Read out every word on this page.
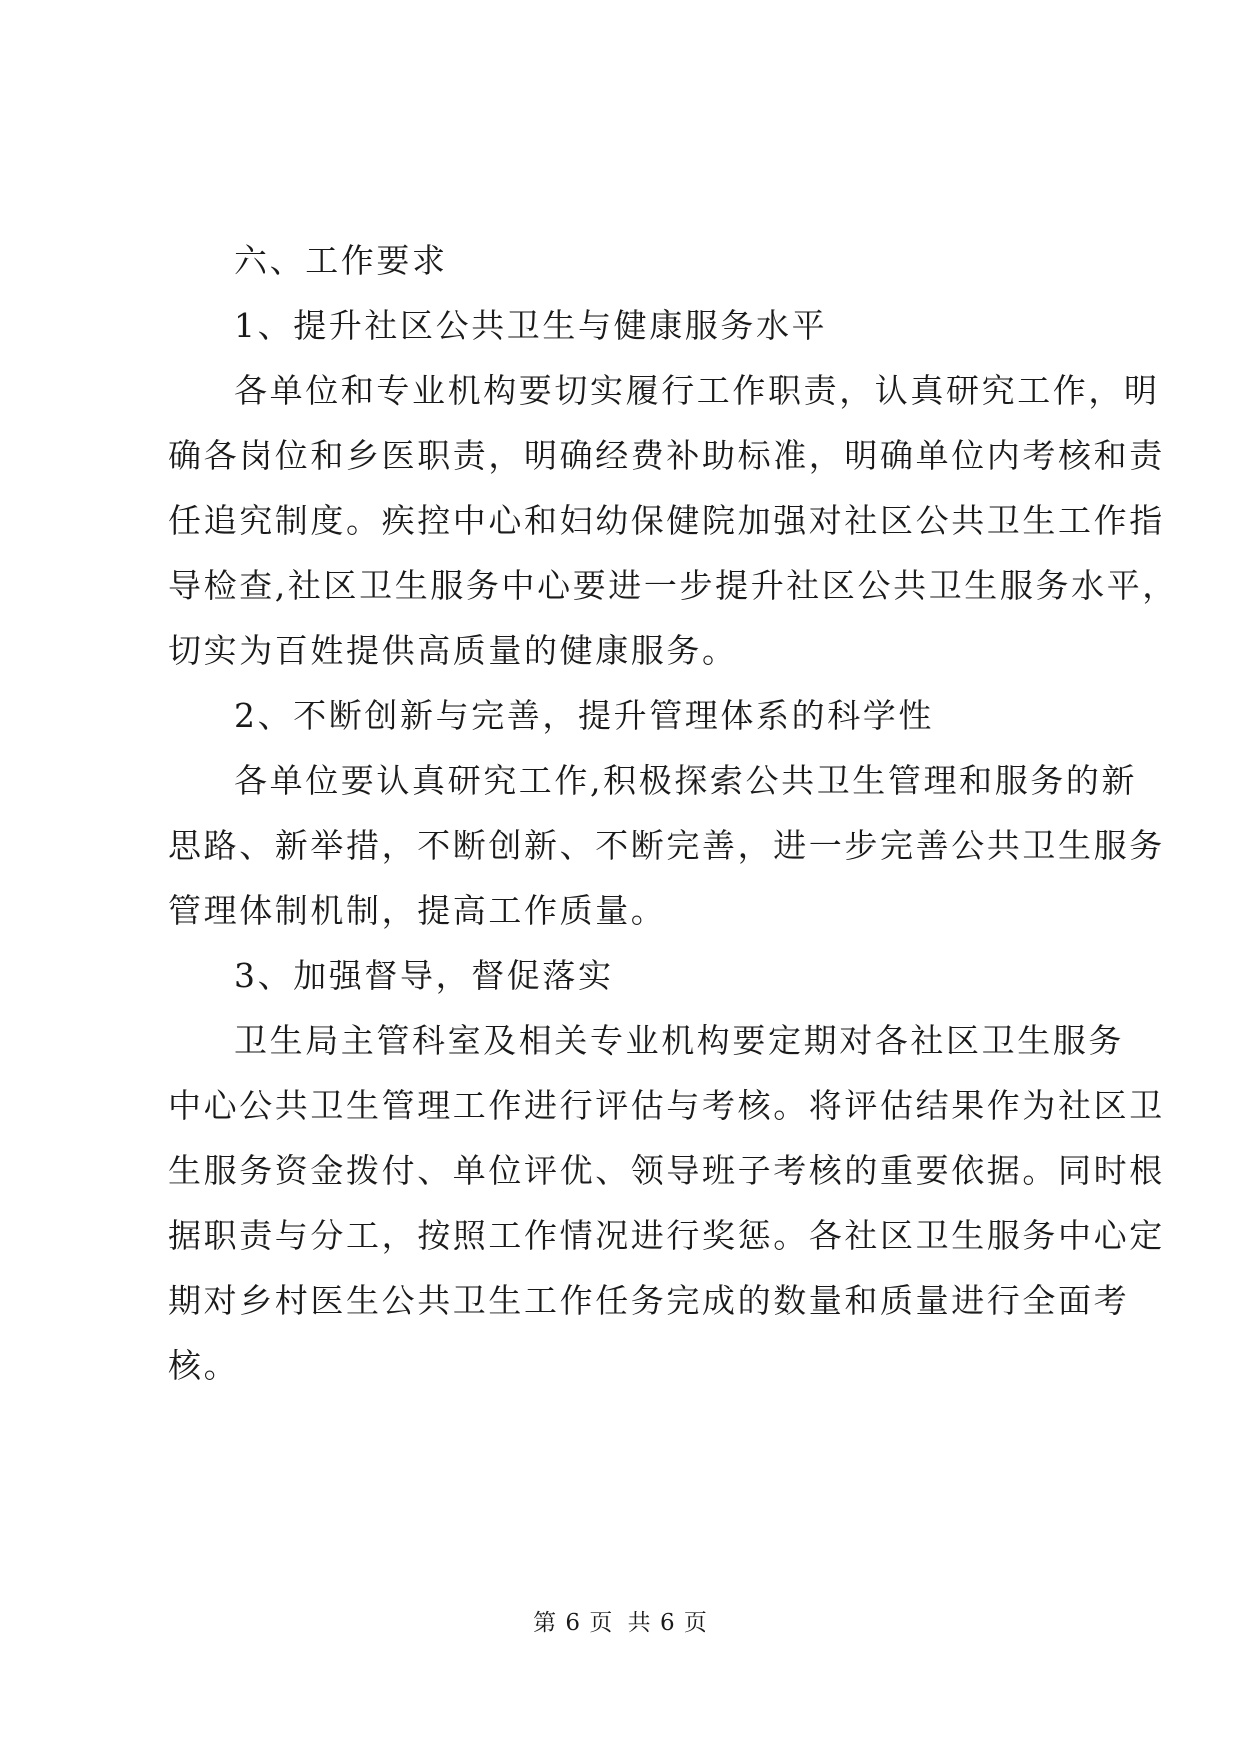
六、工作要求
1、提升社区公共卫生与健康服务水平
各单位和专业机构要切实履行工作职责，认真研究工作，明
确各岗位和乡医职责，明确经费补助标准，明确单位内考核和责
任追究制度。疾控中心和妇幼保健院加强对社区公共卫生工作指
导检查,社区卫生服务中心要进一步提升社区公共卫生服务水平，
切实为百姓提供高质量的健康服务。
2、不断创新与完善，提升管理体系的科学性
各单位要认真研究工作,积极探索公共卫生管理和服务的新
思路、新举措，不断创新、不断完善，进一步完善公共卫生服务
管理体制机制，提高工作质量。
3、加强督导，督促落实
卫生局主管科室及相关专业机构要定期对各社区卫生服务
中心公共卫生管理工作进行评估与考核。将评估结果作为社区卫
生服务资金拨付、单位评优、领导班子考核的重要依据。同时根
据职责与分工，按照工作情况进行奖惩。各社区卫生服务中心定
期对乡村医生公共卫生工作任务完成的数量和质量进行全面考
核。
第 6 页 共 6 页
